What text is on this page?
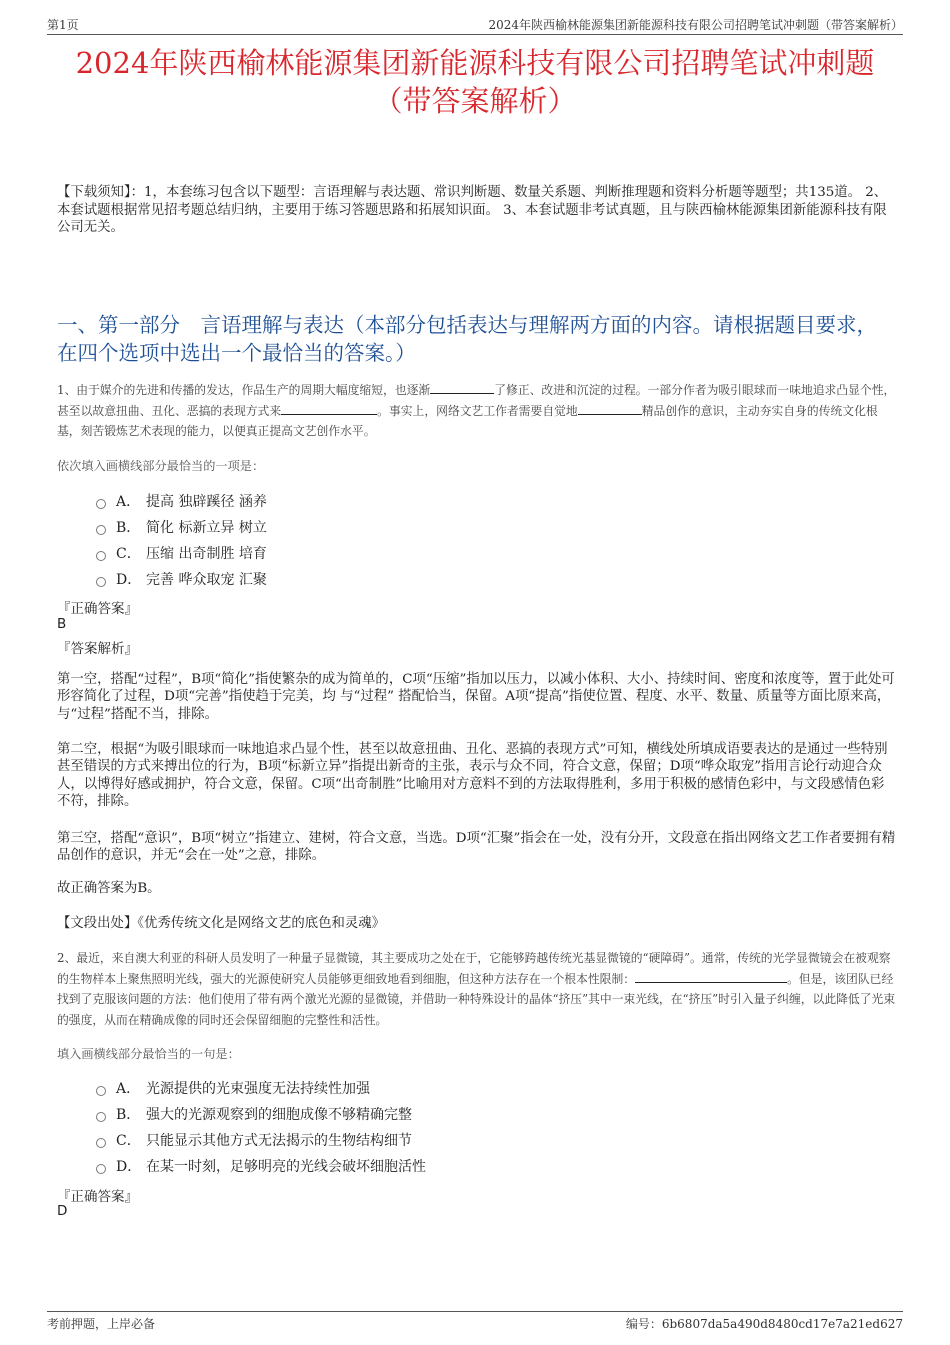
第1页	2024年陕西榆林能源集团新能源科技有限公司招聘笔试冲刺题（带答案解析）
2024年陕西榆林能源集团新能源科技有限公司招聘笔试冲刺题
（带答案解析）
【下载须知】：1，本套练习包含以下题型：言语理解与表达题、常识判断题、数量关系题、判断推理题和资料分析题等题型；共135道。 2、本套试题根据常见招考题总结归纳，主要用于练习答题思路和拓展知识面。 3、本套试题非考试真题，且与陕西榆林能源集团新能源科技有限公司无关。
一、第一部分　言语理解与表达（本部分包括表达与理解两方面的内容。请根据题目要求，在四个选项中选出一个最恰当的答案。）
1、由于媒介的先进和传播的发达，作品生产的周期大幅度缩短，也逐渐	了修正、改进和沉淀的过程。一部分作者为吸引眼球而一味地追求凸显个性，甚至以故意扭曲、丑化、恶搞的表现方式来	。事实上，网络文艺工作者需要自觉地	精品创作的意识，主动夯实自身的传统文化根基，刻苦锻炼艺术表现的能力，以便真正提高文艺创作水平。
依次填入画横线部分最恰当的一项是：
A． 提高 独辟蹊径 涵养
B． 简化 标新立异 树立
C． 压缩 出奇制胜 培育
D． 完善 哗众取宠 汇聚
『正确答案』
B
『答案解析』
第一空，搭配“过程”，B项“简化”指使繁杂的成为简单的，C项“压缩”指加以压力，以减小体积、大小、持续时间、密度和浓度等，置于此处可形容简化了过程，D项“完善”指使趋于完美，均 与“过程” 搭配恰当，保留。A项“提高”指使位置、程度、水平、数量、质量等方面比原来高，与“过程”搭配不当，排除。
第二空，根据“为吸引眼球而一味地追求凸显个性，甚至以故意扭曲、丑化、恶搞的表现方式”可知，横线处所填成语要表达的是通过一些特别甚至错误的方式来搏出位的行为，B项“标新立异”指提出新奇的主张，表示与众不同，符合文意，保留；D项“哗众取宠”指用言论行动迎合众人，以博得好感或拥护，符合文意，保留。C项“出奇制胜”比喻用对方意料不到的方法取得胜利，多用于积极的感情色彩中，与文段感情色彩不符，排除。
第三空，搭配“意识”，B项“树立”指建立、建树，符合文意，当选。D项“汇聚”指会在一处，没有分开，文段意在指出网络文艺工作者要拥有精品创作的意识，并无“会在一处”之意，排除。
故正确答案为B。
【文段出处】《优秀传统文化是网络文艺的底色和灵魂》
2、最近，来自澳大利亚的科研人员发明了一种量子显微镜，其主要成功之处在于，它能够跨越传统光基显微镜的“硬障碍”。通常，传统的光学显微镜会在被观察的生物样本上聚焦照明光线，强大的光源使研究人员能够更细致地看到细胞，但这种方法存在一个根本性限制：	。但是，该团队已经找到了克服该问题的方法：他们使用了带有两个激光光源的显微镜，并借助一种特殊设计的晶体“挤压”其中一束光线，在“挤压”时引入量子纠缠，以此降低了光束的强度，从而在精确成像的同时还会保留细胞的完整性和活性。
填入画横线部分最恰当的一句是：
A． 光源提供的光束强度无法持续性加强
B． 强大的光源观察到的细胞成像不够精确完整
C． 只能显示其他方式无法揭示的生物结构细节
D． 在某一时刻，足够明亮的光线会破坏细胞活性
『正确答案』
D
考前押题，上岸必备	编号：6b6807da5a490d8480cd17e7a21ed627
